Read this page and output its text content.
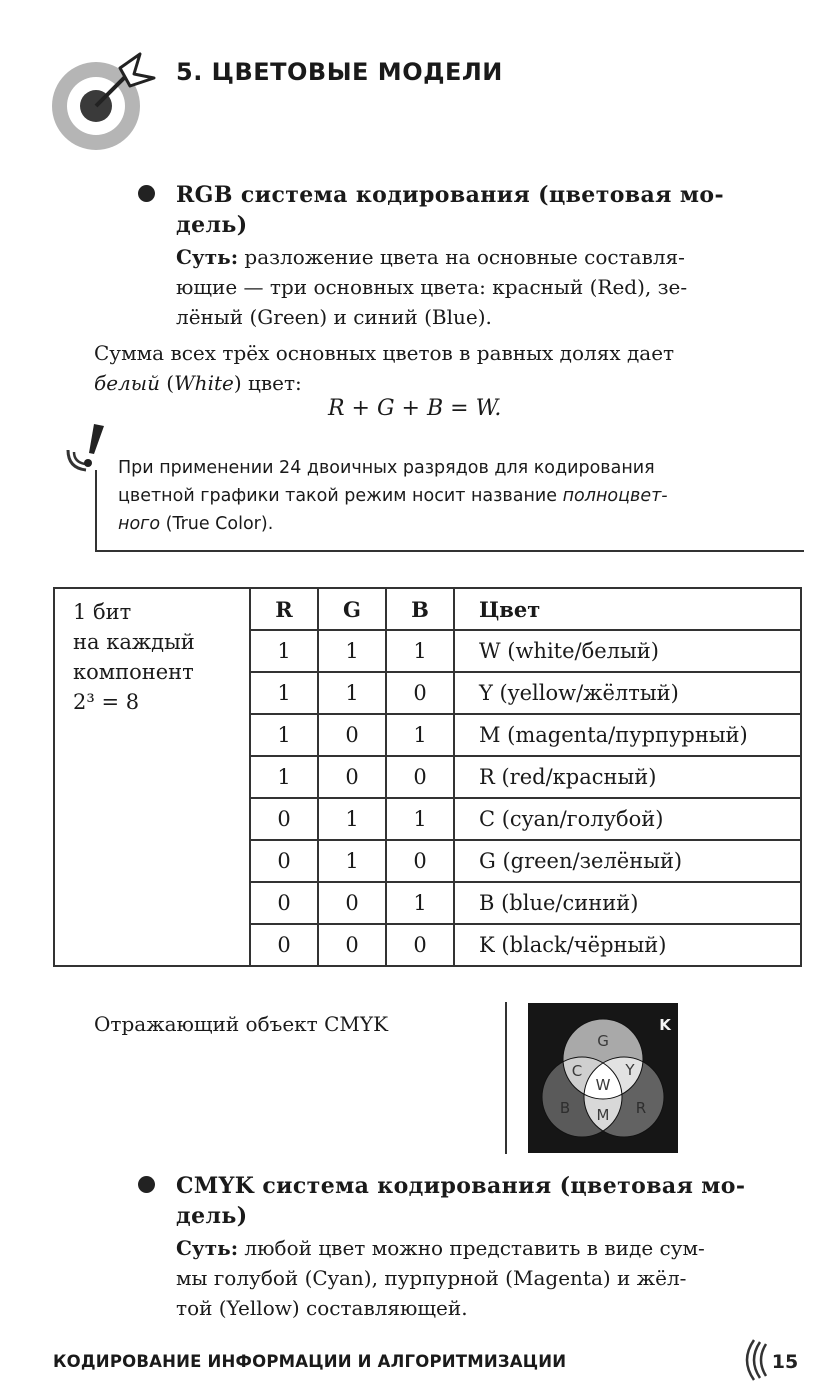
5. ЦВЕТОВЫЕ МОДЕЛИ
RGB система кодирования (цветовая мо-
дель)
Суть: разложение цвета на основные составля-
ющие — три основных цвета: красный (Red), зе-
лёный (Green) и синий (Blue).
Сумма всех трёх основных цветов в равных долях дает
белый (White) цвет:
R + G + B = W.
При применении 24 двоичных разрядов для кодирования
цветной графики такой режим носит название полноцвет-
ного (True Color).
1 бит
на каждый
компонент
2³ = 8	R	G	B	Цвет
	1	1	1	W (white/белый)
	1	1	0	Y (yellow/жёлтый)
	1	0	1	M (magenta/пурпурный)
	1	0	0	R (red/красный)
	0	1	1	C (cyan/голубой)
	0	1	0	G (green/зелёный)
	0	0	1	B (blue/синий)
	0	0	0	K (black/чёрный)
Отражающий объект CMYK	K
G
C	Y
W
M
B	R
CMYK система кодирования (цветовая мо-
дель)
Суть: любой цвет можно представить в виде сум-
мы голубой (Cyan), пурпурной (Magenta) и жёл-
той (Yellow) составляющей.
КОДИРОВАНИЕ ИНФОРМАЦИИ И АЛГОРИТМИЗАЦИИ	15
